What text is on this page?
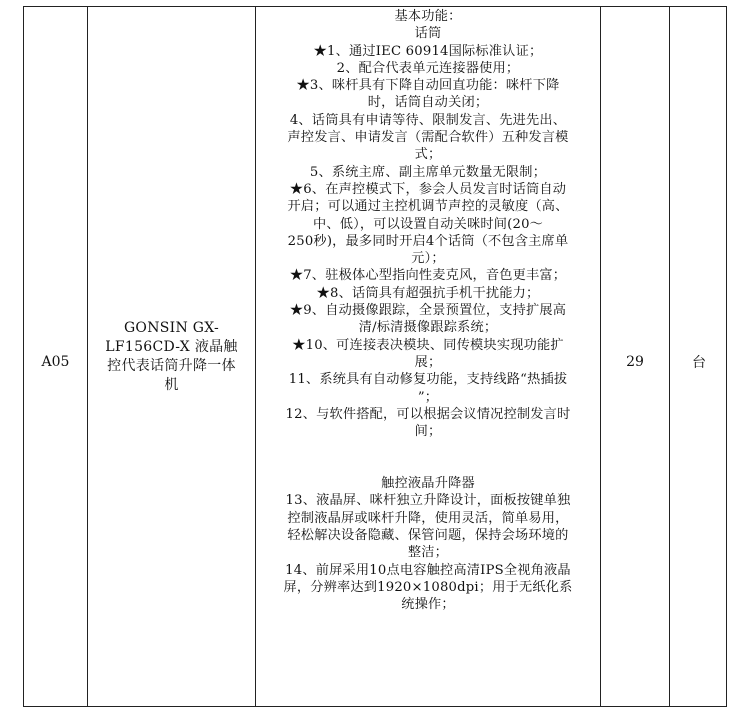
A05
GONSIN GX-LF156CD-X 液晶触控代表话筒升降一体机

基本功能：

话筒

★1、通过IEC 60914国际标准认证；

2、配合代表单元连接器使用；

★3、咪杆具有下降自动回直功能：咪杆下降

时，话筒自动关闭；

4、话筒具有申请等待、限制发言、先进先出、

声控发言、申请发言（需配合软件）五种发言模

式；

5、系统主席、副主席单元数量无限制；

★6、在声控模式下，参会人员发言时话筒自动

开启；可以通过主控机调节声控的灵敏度（高、

中、低），可以设置自动关咪时间(20～

250秒)，最多同时开启4个话筒（不包含主席单

元）；

★7、驻极体心型指向性麦克风，音色更丰富；

★8、话筒具有超强抗手机干扰能力；

★9、自动摄像跟踪，全景预置位，支持扩展高

清/标清摄像跟踪系统；

★10、可连接表决模块、同传模块实现功能扩

展；

11、系统具有自动修复功能，支持线路“热插拔

”；

12、与软件搭配，可以根据会议情况控制发言时

间；

触控液晶升降器

13、液晶屏、咪杆独立升降设计，面板按键单独

控制液晶屏或咪杆升降，使用灵活，简单易用，

轻松解决设备隐藏、保管问题，保持会场环境的

整洁；

14、前屏采用10点电容触控高清IPS全视角液晶

屏，分辨率达到1920×1080dpi；用于无纸化系

统操作；

29	台
